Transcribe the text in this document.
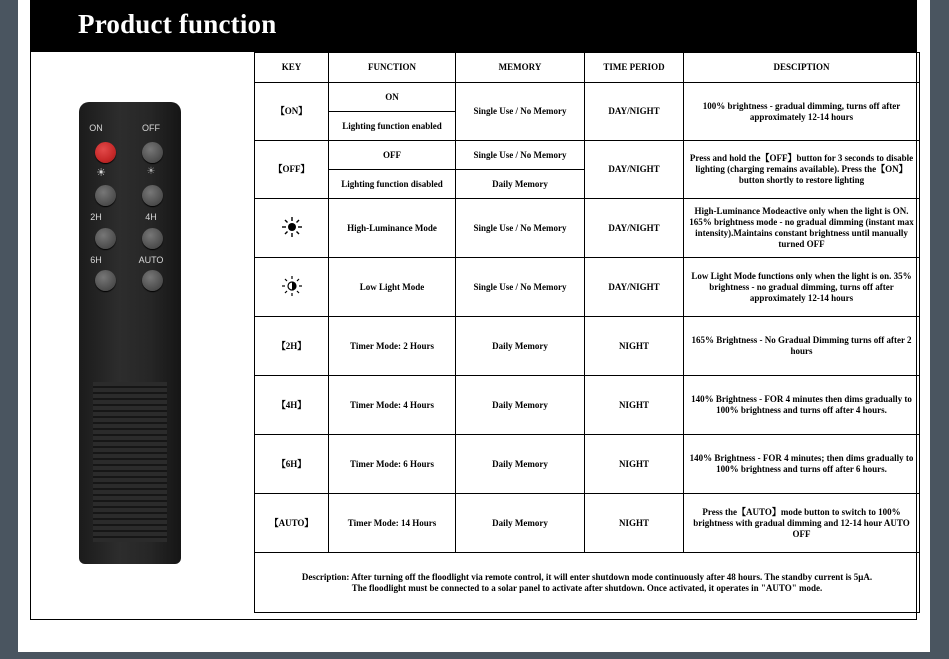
Product function
ON	OFF
☀	☀
2H	4H
6H	AUTO
KEY	FUNCTION	MEMORY	TIME PERIOD	DESCIPTION
【ON】	ON	Single Use / No Memory	DAY/NIGHT	100% brightness - gradual dimming, turns off after approximately 12-14 hours
	Lighting function enabled			
【OFF】	OFF	Single Use / No Memory	DAY/NIGHT	Press and hold the【OFF】button for 3 seconds to disable lighting (charging remains available). Press the【ON】button shortly to restore lighting
	Lighting function disabled	Daily Memory		
	High-Luminance Mode	Single Use / No Memory	DAY/NIGHT	High-Luminance Modeactive only when the light is ON. 165% brightness mode - no gradual dimming (instant max intensity).Maintains constant brightness until manually turned OFF
	Low Light Mode	Single Use / No Memory	DAY/NIGHT	Low Light Mode functions only when the light is on. 35% brightness - no gradual dimming, turns off after approximately 12-14 hours
【2H】	Timer Mode: 2 Hours	Daily Memory	NIGHT	165% Brightness - No Gradual Dimming turns off after 2 hours
【4H】	Timer Mode: 4 Hours	Daily Memory	NIGHT	140% Brightness - FOR 4 minutes then dims gradually to 100% brightness and turns off after 4 hours.
【6H】	Timer Mode: 6 Hours	Daily Memory	NIGHT	140% Brightness - FOR 4 minutes; then dims gradually to 100% brightness and turns off after 6 hours.
【AUTO】	Timer Mode: 14 Hours	Daily Memory	NIGHT	Press the【AUTO】mode button to switch to 100% brightness with gradual dimming and 12-14 hour AUTO OFF

Description: After turning off the floodlight via remote control, it will enter shutdown mode continuously after 48 hours. The standby current is 5μA.
The floodlight must be connected to a solar panel to activate after shutdown. Once activated, it operates in "AUTO" mode.				
